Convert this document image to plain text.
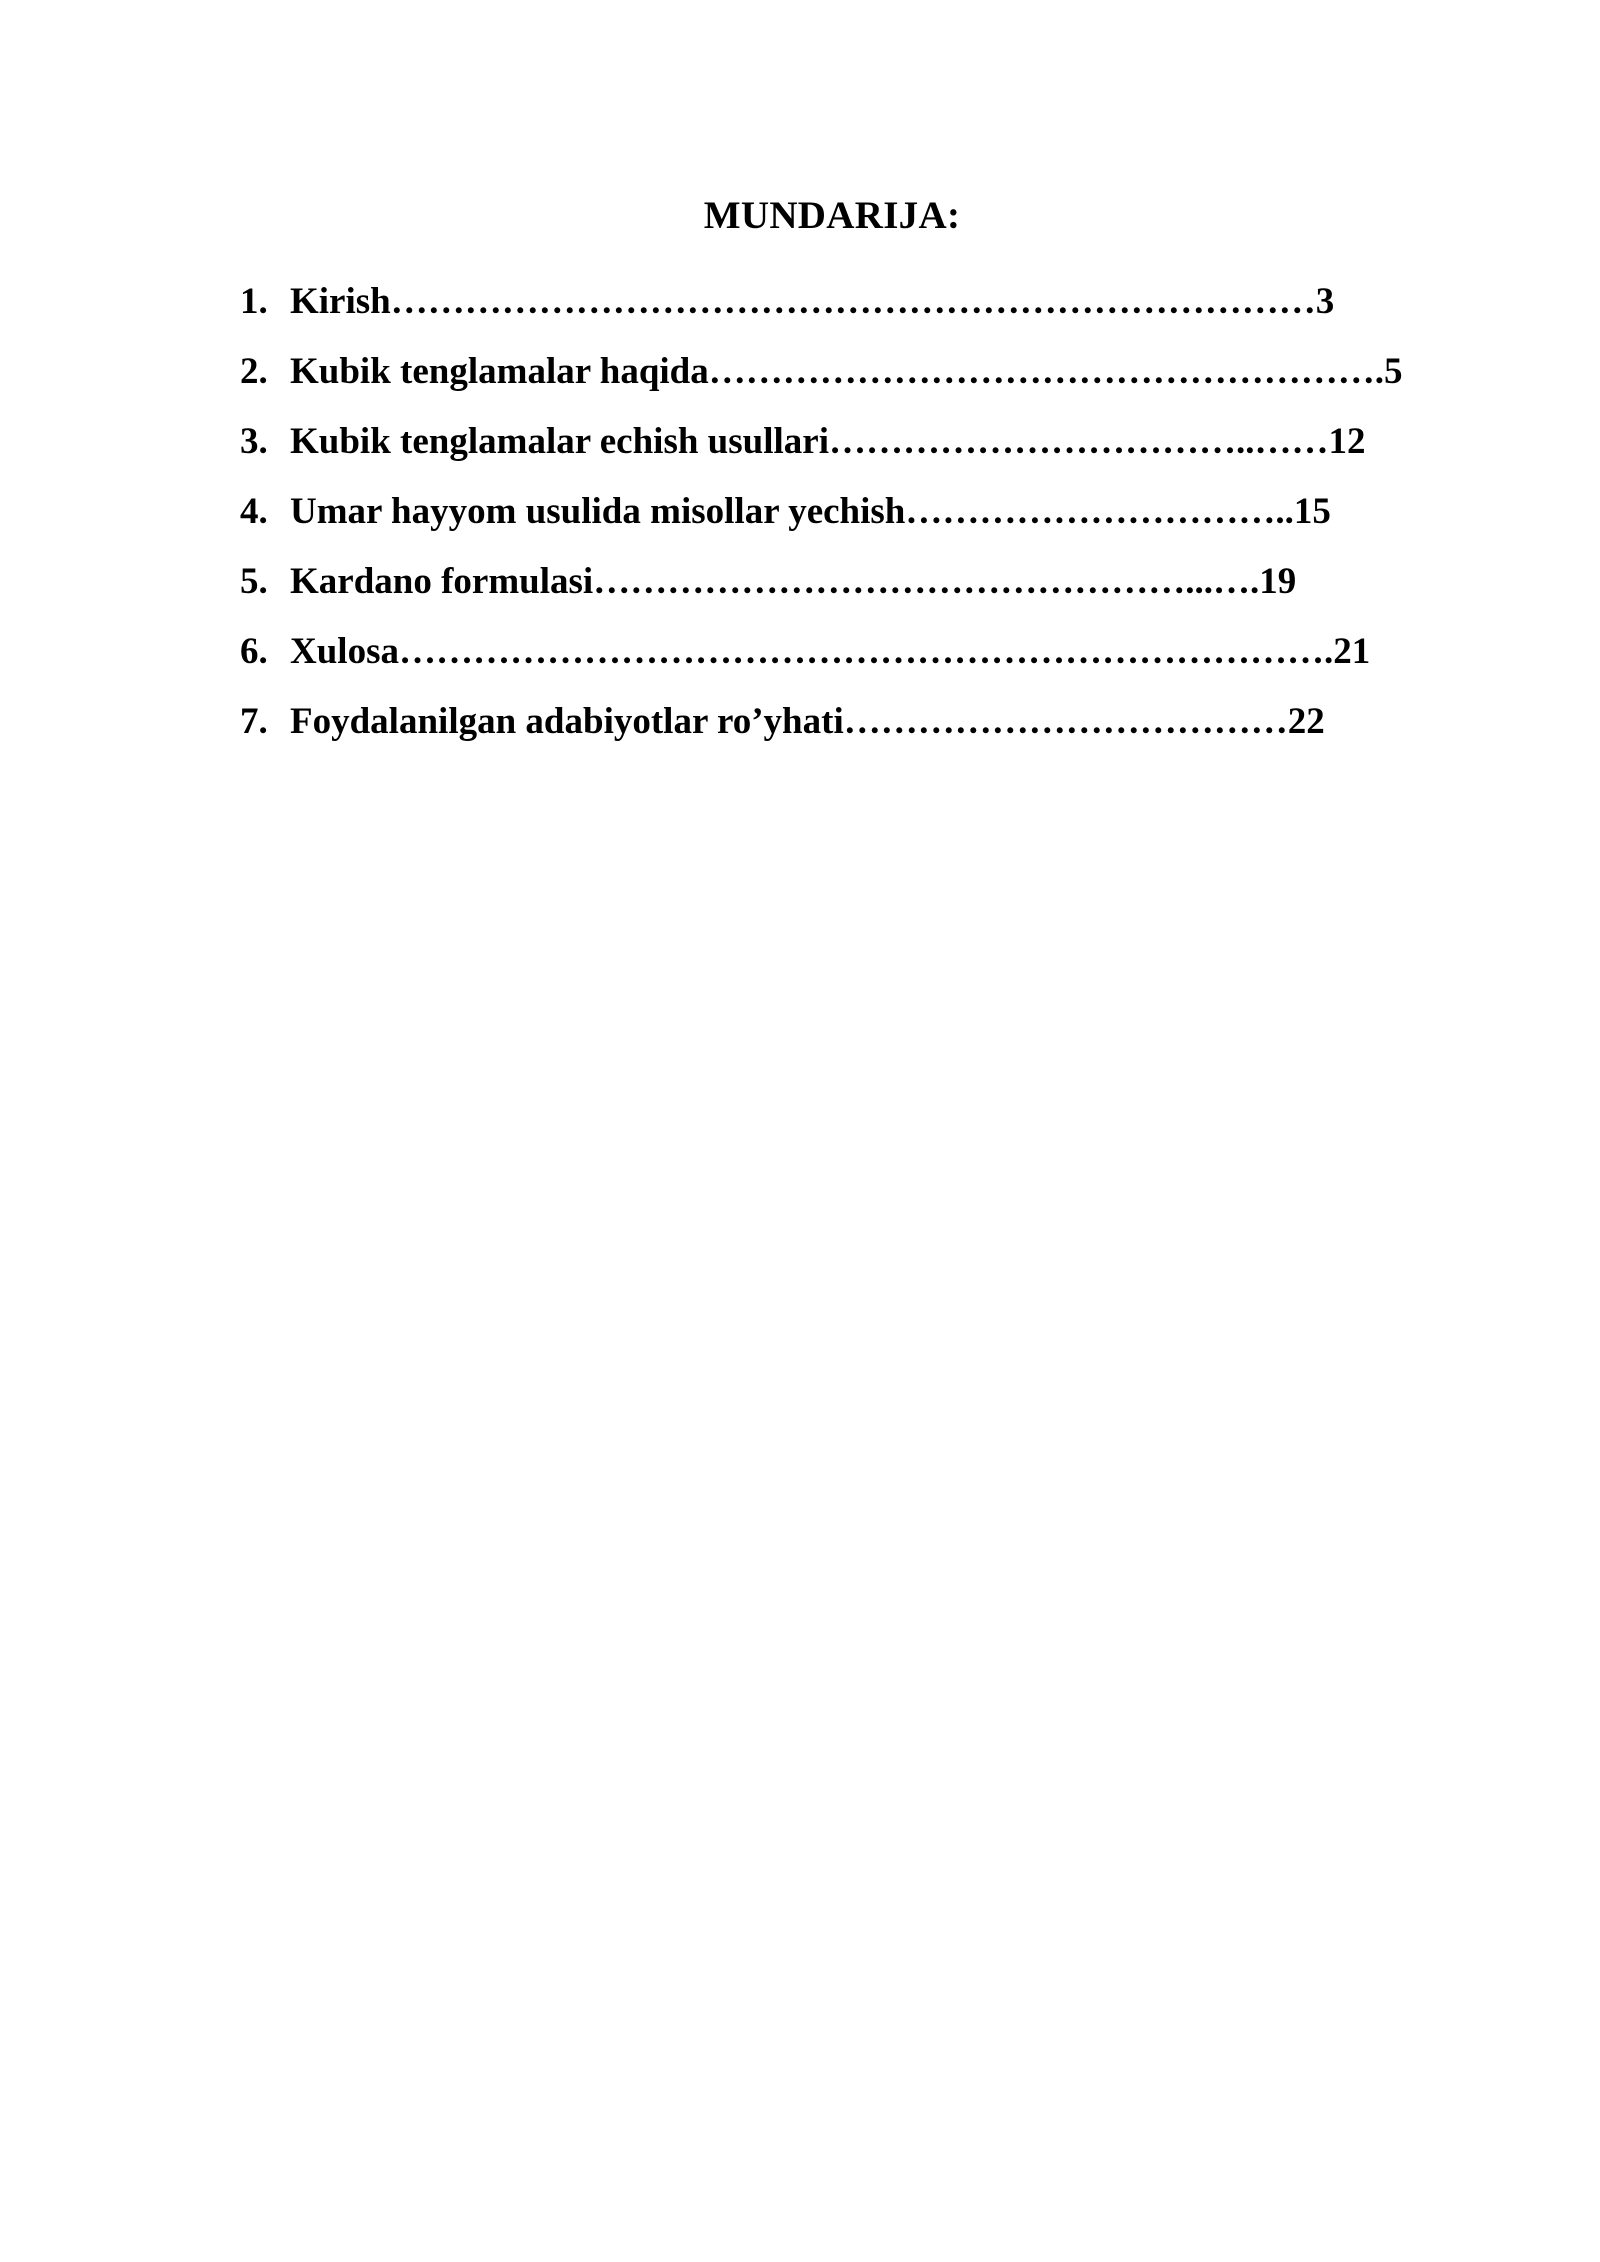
MUNDARIJA:
1. Kirish…………………………………………………………………3
2. Kubik tenglamalar haqida……………………………………………….5
3. Kubik tenglamalar echish usullari……………………………..……12
4. Umar hayyom usulida misollar yechish…………………………..15
5. Kardano formulasi…………………………………………...….19
6. Xulosa………………………………………………………………….21
7. Foydalanilgan adabiyotlar ro’yhati………………………………22
